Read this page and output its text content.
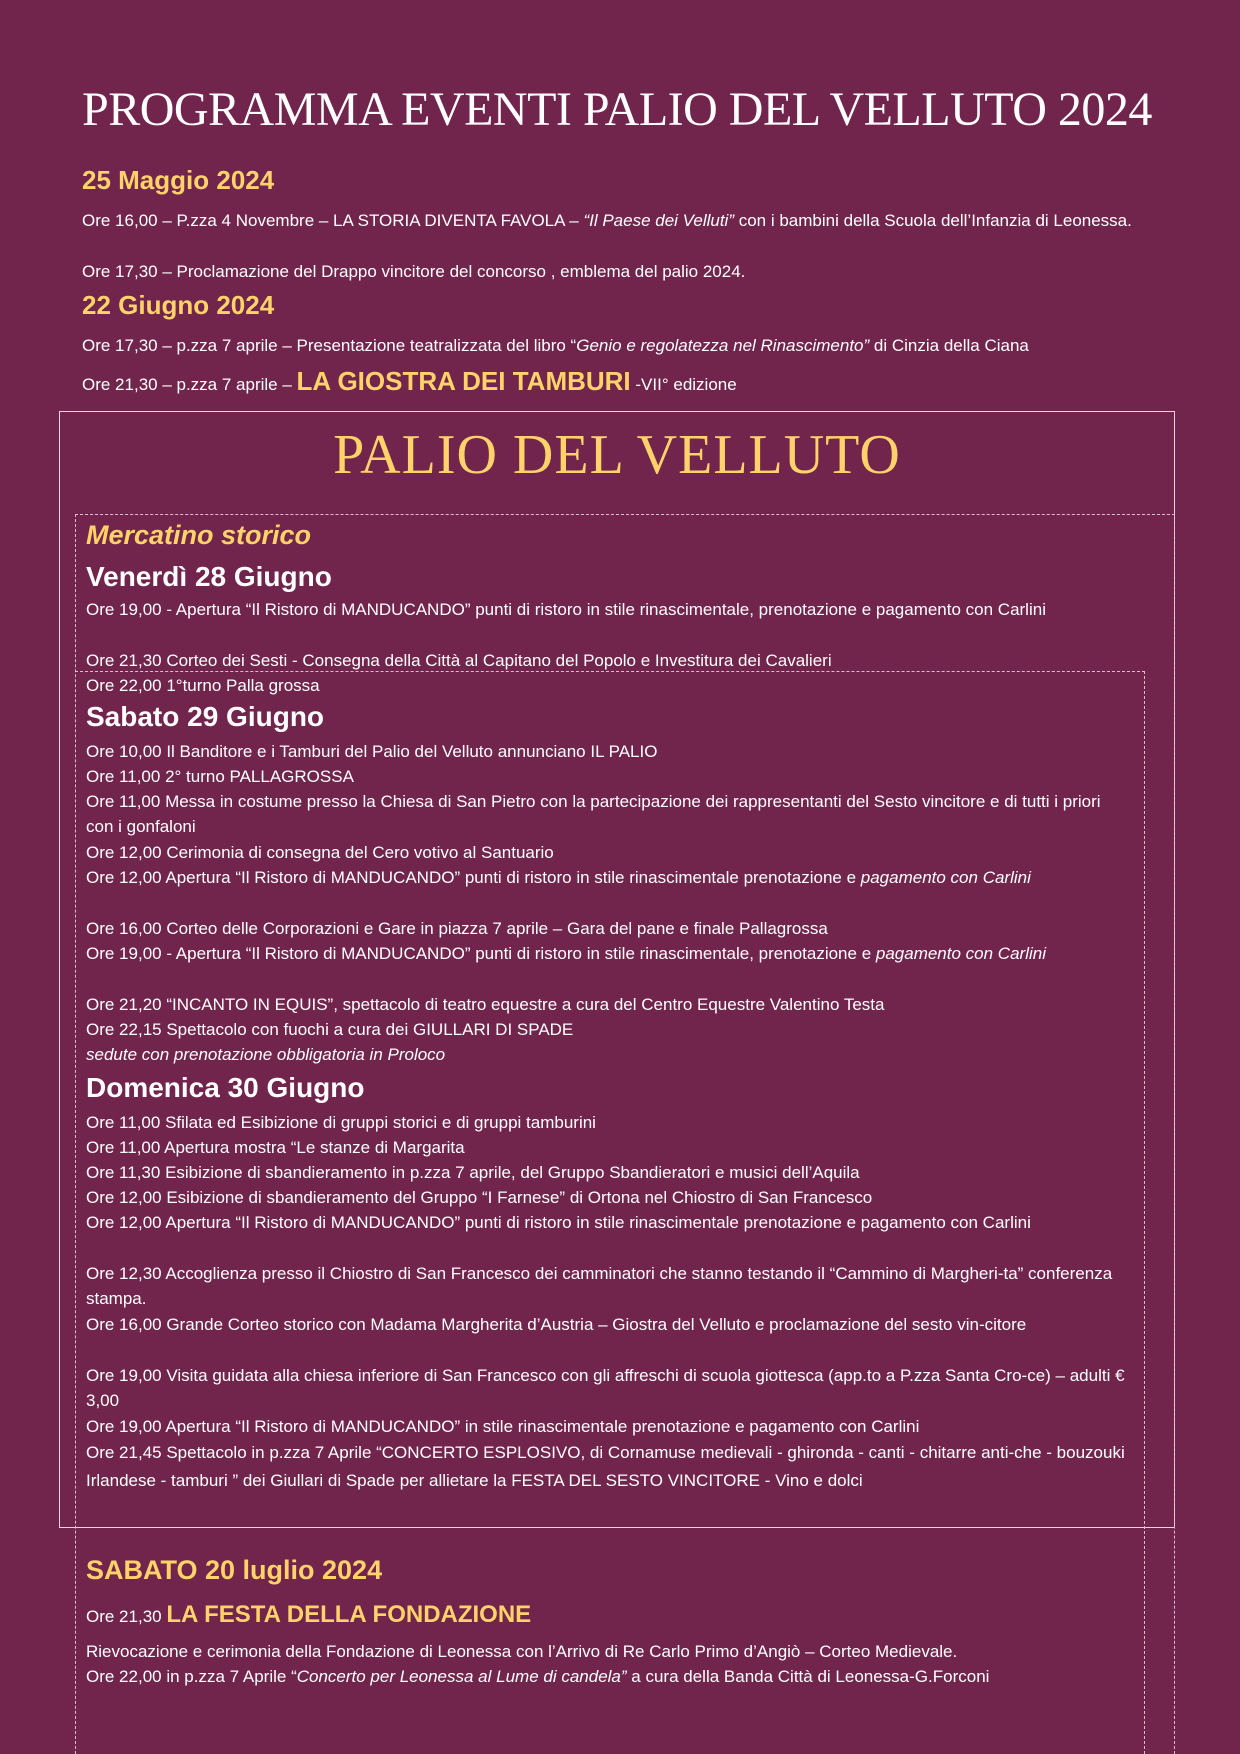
PROGRAMMA EVENTI PALIO DEL VELLUTO 2024
25 Maggio 2024
Ore 16,00 – P.zza 4 Novembre – LA STORIA DIVENTA FAVOLA – “Il Paese dei Velluti” con i bambini della Scuola dell’Infanzia di Leonessa.
Ore 17,30 – Proclamazione del Drappo vincitore del concorso , emblema del palio 2024.
22 Giugno 2024
Ore 17,30 – p.zza 7 aprile – Presentazione teatralizzata del libro “Genio e regolatezza nel Rinascimento” di Cinzia della Ciana
Ore 21,30 – p.zza 7 aprile – LA GIOSTRA DEI TAMBURI -VII° edizione
PALIO DEL VELLUTO
Mercatino storico
Venerdì 28 Giugno
Ore 19,00 - Apertura “Il Ristoro di MANDUCANDO” punti di ristoro in stile rinascimentale, prenotazione e pagamento con Carlini
Ore 21,30 Corteo dei Sesti - Consegna della Città al Capitano del Popolo e Investitura dei Cavalieri
Ore 22,00 1°turno Palla grossa
Sabato 29 Giugno
Ore 10,00 Il Banditore e i Tamburi del Palio del Velluto annunciano IL PALIO
Ore 11,00 2° turno PALLAGROSSA
Ore 11,00 Messa in costume presso la Chiesa di San Pietro con la partecipazione dei rappresentanti del Sesto vincitore e di tutti i priori con i gonfaloni
Ore 12,00 Cerimonia di consegna del Cero votivo al Santuario
Ore 12,00 Apertura “Il Ristoro di MANDUCANDO” punti di ristoro in stile rinascimentale prenotazione e pagamento con Carlini
Ore 16,00 Corteo delle Corporazioni e Gare in piazza 7 aprile – Gara del pane e finale Pallagrossa
Ore 19,00 - Apertura “Il Ristoro di MANDUCANDO” punti di ristoro in stile rinascimentale, prenotazione e pagamento con Carlini
Ore 21,20 “INCANTO IN EQUIS”, spettacolo di teatro equestre a cura del Centro Equestre Valentino Testa
Ore 22,15 Spettacolo con fuochi a cura dei GIULLARI DI SPADE
sedute con prenotazione obbligatoria in Proloco
Domenica 30 Giugno
Ore 11,00 Sfilata ed Esibizione di gruppi storici e di gruppi tamburini
Ore 11,00 Apertura mostra “Le stanze di Margarita
Ore 11,30 Esibizione di sbandieramento in p.zza 7 aprile, del Gruppo Sbandieratori e musici dell’Aquila
Ore 12,00 Esibizione di sbandieramento del Gruppo “I Farnese” di Ortona nel Chiostro di San Francesco
Ore 12,00 Apertura “Il Ristoro di MANDUCANDO” punti di ristoro in stile rinascimentale prenotazione e pagamento con Carlini
Ore 12,30 Accoglienza presso il Chiostro di San Francesco dei camminatori che stanno testando il “Cammino di Margheri-ta” conferenza stampa.
Ore 16,00 Grande Corteo storico con Madama Margherita d’Austria – Giostra del Velluto e proclamazione del sesto vin-citore
Ore 19,00 Visita guidata alla chiesa inferiore di San Francesco con gli affreschi di scuola giottesca (app.to a P.zza Santa Cro-ce) – adulti € 3,00
Ore 19,00 Apertura “Il Ristoro di MANDUCANDO” in stile rinascimentale prenotazione e pagamento con Carlini
Ore 21,45 Spettacolo in p.zza 7 Aprile “CONCERTO ESPLOSIVO, di Cornamuse medievali - ghironda - canti - chitarre anti-che - bouzouki Irlandese - tamburi ” dei Giullari di Spade per allietare la FESTA DEL SESTO VINCITORE - Vino e dolci
SABATO 20 luglio 2024
Ore 21,30 LA FESTA DELLA FONDAZIONE
Rievocazione e cerimonia della Fondazione di Leonessa con l’Arrivo di Re Carlo Primo d’Angiò – Corteo Medievale.
Ore 22,00 in p.zza 7 Aprile “Concerto per Leonessa al Lume di candela” a cura della Banda Città di Leonessa-G.Forconi
